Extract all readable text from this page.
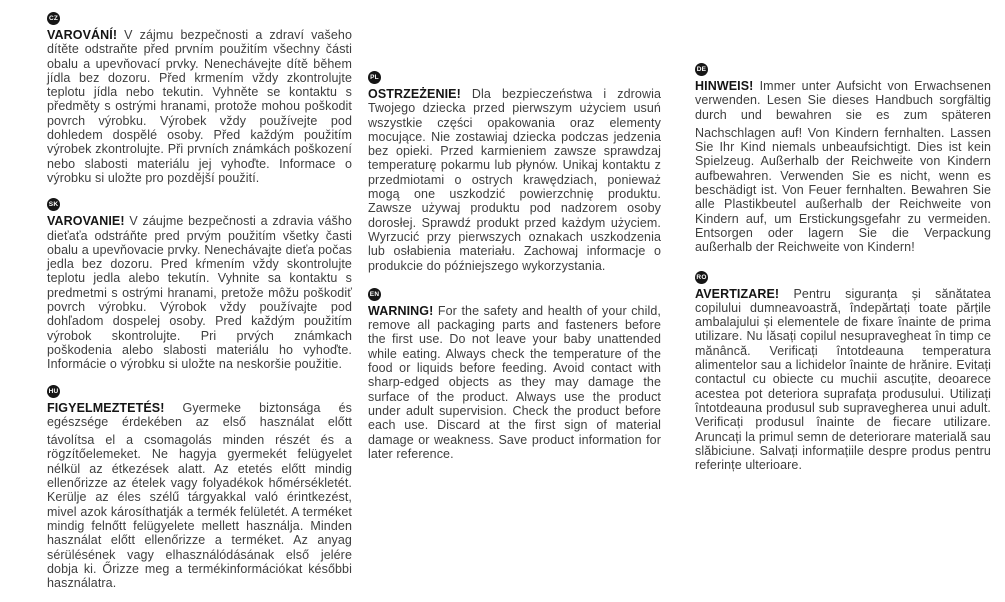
CZ

VAROVÁNÍ! V zájmu bezpečnosti a zdraví vašeho dítěte odstraňte před prvním použitím všechny části obalu a upevňovací prvky. Nenechávejte dítě během jídla bez dozoru. Před krmením vždy zkontrolujte teplotu jídla nebo tekutin. Vyhněte se kontaktu s předměty s ostrými hranami, protože mohou poškodit povrch výrobku. Výrobek vždy používejte pod dohledem dospělé osoby. Před každým použitím výrobek zkontrolujte. Při prvních známkách poškození nebo slabosti materiálu jej vyhoďte. Informace o výrobku si uložte pro pozdější použití.

SK

VAROVANIE! V záujme bezpečnosti a zdravia vášho dieťaťa odstráňte pred prvým použitím všetky časti obalu a upevňovacie prvky. Nenechávajte dieťa počas jedla bez dozoru. Pred kŕmením vždy skontrolujte teplotu jedla alebo tekutín. Vyhnite sa kontaktu s predmetmi s ostrými hranami, pretože môžu poškodiť povrch výrobku. Výrobok vždy používajte pod dohľadom dospelej osoby. Pred každým použitím výrobok skontrolujte. Pri prvých známkach poškodenia alebo slabosti materiálu ho vyhoďte. Informácie o výrobku si uložte na neskoršie použitie.

HU

FIGYELMEZTETÉS! Gyermeke biztonsága és egészsége érdekében az első használat előtt

távolítsa el a csomagolás minden részét és a rögzítőelemeket. Ne hagyja gyermekét felügyelet nélkül az étkezések alatt. Az etetés előtt mindig ellenőrizze az ételek vagy folyadékok hőmérsékletét. Kerülje az éles szélű tárgyakkal való érintkezést, mivel azok károsíthatják a termék felületét. A terméket mindig felnőtt felügyelete mellett használja. Minden használat előtt ellenőrizze a terméket. Az anyag sérülésének vagy elhasználódásának első jelére dobja ki. Őrizze meg a termékinformációkat későbbi használatra.

PL

OSTRZEŻENIE! Dla bezpieczeństwa i zdrowia Twojego dziecka przed pierwszym użyciem usuń wszystkie części opakowania oraz elementy mocujące. Nie zostawiaj dziecka podczas jedzenia bez opieki. Przed karmieniem zawsze sprawdzaj temperaturę pokarmu lub płynów. Unikaj kontaktu z przedmiotami o ostrych krawędziach, ponieważ mogą one uszkodzić powierzchnię produktu. Zawsze używaj produktu pod nadzorem osoby dorosłej. Sprawdź produkt przed każdym użyciem. Wyrzucić przy pierwszych oznakach uszkodzenia lub osłabienia materiału. Zachowaj informacje o produkcie do późniejszego wykorzystania.

EN

WARNING! For the safety and health of your child, remove all packaging parts and fasteners before the first use. Do not leave your baby unattended while eating. Always check the temperature of the food or liquids before feeding. Avoid contact with sharp-edged objects as they may damage the surface of the product. Always use the product under adult supervision. Check the product before each use. Discard at the first sign of material damage or weakness. Save product information for later reference.

DE

HINWEIS! Immer unter Aufsicht von Erwachsenen verwenden. Lesen Sie dieses Handbuch sorgfältig durch und bewahren sie es zum späteren

Nachschlagen auf! Von Kindern fernhalten. Lassen Sie Ihr Kind niemals unbeaufsichtigt. Dies ist kein Spielzeug. Außerhalb der Reichweite von Kindern aufbewahren. Verwenden Sie es nicht, wenn es beschädigt ist. Von Feuer fernhalten. Bewahren Sie alle Plastikbeutel außerhalb der Reichweite von Kindern auf, um Erstickungsgefahr zu vermeiden. Entsorgen oder lagern Sie die Verpackung außerhalb der Reichweite von Kindern!

RO

AVERTIZARE! Pentru siguranța și sănătatea copilului dumneavoastră, îndepărtați toate părțile ambalajului și elementele de fixare înainte de prima utilizare. Nu lăsați copilul nesupravegheat în timp ce mănâncă. Verificați întotdeauna temperatura alimentelor sau a lichidelor înainte de hrănire. Evitați contactul cu obiecte cu muchii ascuțite, deoarece acestea pot deteriora suprafața produsului. Utilizați întotdeauna produsul sub supravegherea unui adult. Verificați produsul înainte de fiecare utilizare. Aruncați la primul semn de deteriorare materială sau slăbiciune. Salvați informațiile despre produs pentru referințe ulterioare.
